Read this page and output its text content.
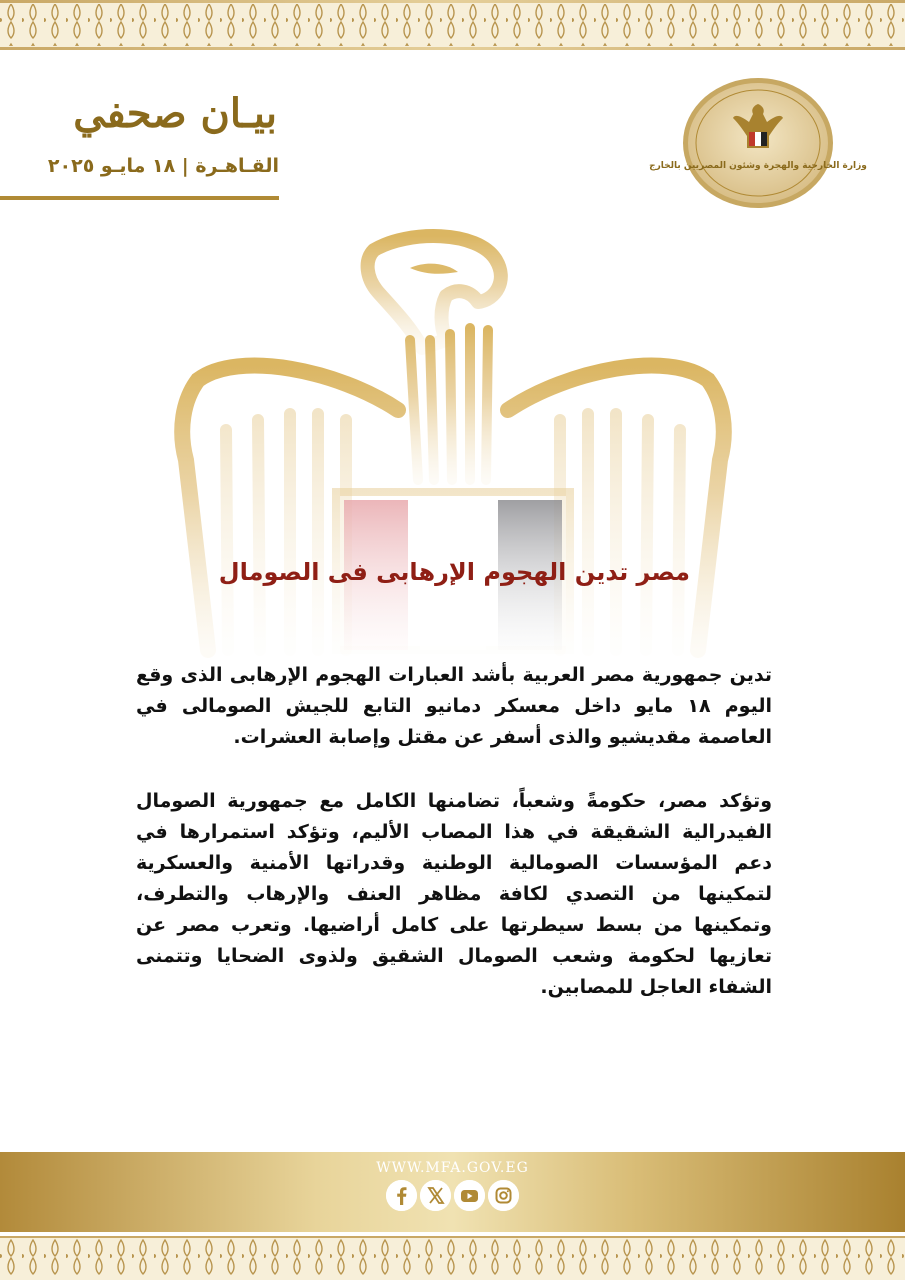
بيـان صحفي
القـاهـرة | ١٨ مايـو ٢٠٢٥	وزارة الخارجية والهجرة وشئون المصريين بالخارج
مصر تدين الهجوم الإرهابى فى الصومال

تدين جمهورية مصر العربية بأشد العبارات الهجوم الإرهابى الذى وقع اليوم ١٨ مايو داخل معسكر دمانيو التابع للجيش الصومالى في العاصمة مقديشيو والذى أسفر عن مقتل وإصابة العشرات.

وتؤكد مصر، حكومةً وشعباً، تضامنها الكامل مع جمهورية الصومال الفيدرالية الشقيقة في هذا المصاب الأليم، وتؤكد استمرارها في دعم المؤسسات الصومالية الوطنية وقدراتها الأمنية والعسكرية لتمكينها من التصدي لكافة مظاهر العنف والإرهاب والتطرف، وتمكينها من بسط سيطرتها على كامل أراضيها. وتعرب مصر عن تعازيها لحكومة وشعب الصومال الشقيق ولذوى الضحايا وتتمنى الشفاء العاجل للمصابين.

WWW.MFA.GOV.EG
